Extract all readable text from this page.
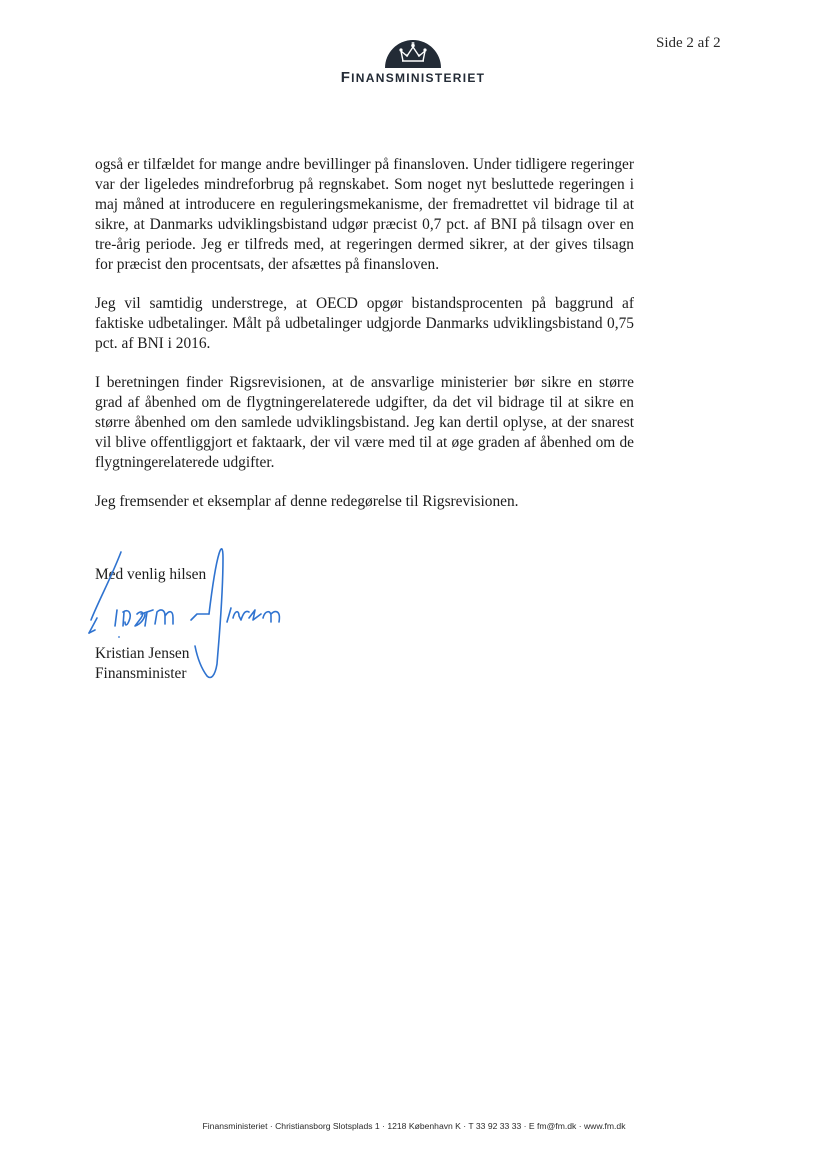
Side 2 af 2
FINANSMINISTERIET

også er tilfældet for mange andre bevillinger på finansloven. Under tidligere regeringer var der ligeledes mindreforbrug på regnskabet. Som noget nyt besluttede regeringen i maj måned at introducere en reguleringsmekanisme, der fremadrettet vil bidrage til at sikre, at Danmarks udviklingsbistand udgør præcist 0,7 pct. af BNI på tilsagn over en tre-årig periode. Jeg er tilfreds med, at regeringen dermed sikrer, at der gives tilsagn for præcist den procentsats, der afsættes på finansloven.

Jeg vil samtidig understrege, at OECD opgør bistandsprocenten på baggrund af faktiske udbetalinger. Målt på udbetalinger udgjorde Danmarks udviklingsbistand 0,75 pct. af BNI i 2016.

I beretningen finder Rigsrevisionen, at de ansvarlige ministerier bør sikre en større grad af åbenhed om de flygtningerelaterede udgifter, da det vil bidrage til at sikre en større åbenhed om den samlede udviklingsbistand. Jeg kan dertil oplyse, at der snarest vil blive offentliggjort et faktaark, der vil være med til at øge graden af åbenhed om de flygtningerelaterede udgifter.

Jeg fremsender et eksemplar af denne redegørelse til Rigsrevisionen.

Med venlig hilsen
Kristian Jensen
Finansminister
Finansministeriet · Christiansborg Slotsplads 1 · 1218 København K · T 33 92 33 33 · E fm@fm.dk · www.fm.dk
